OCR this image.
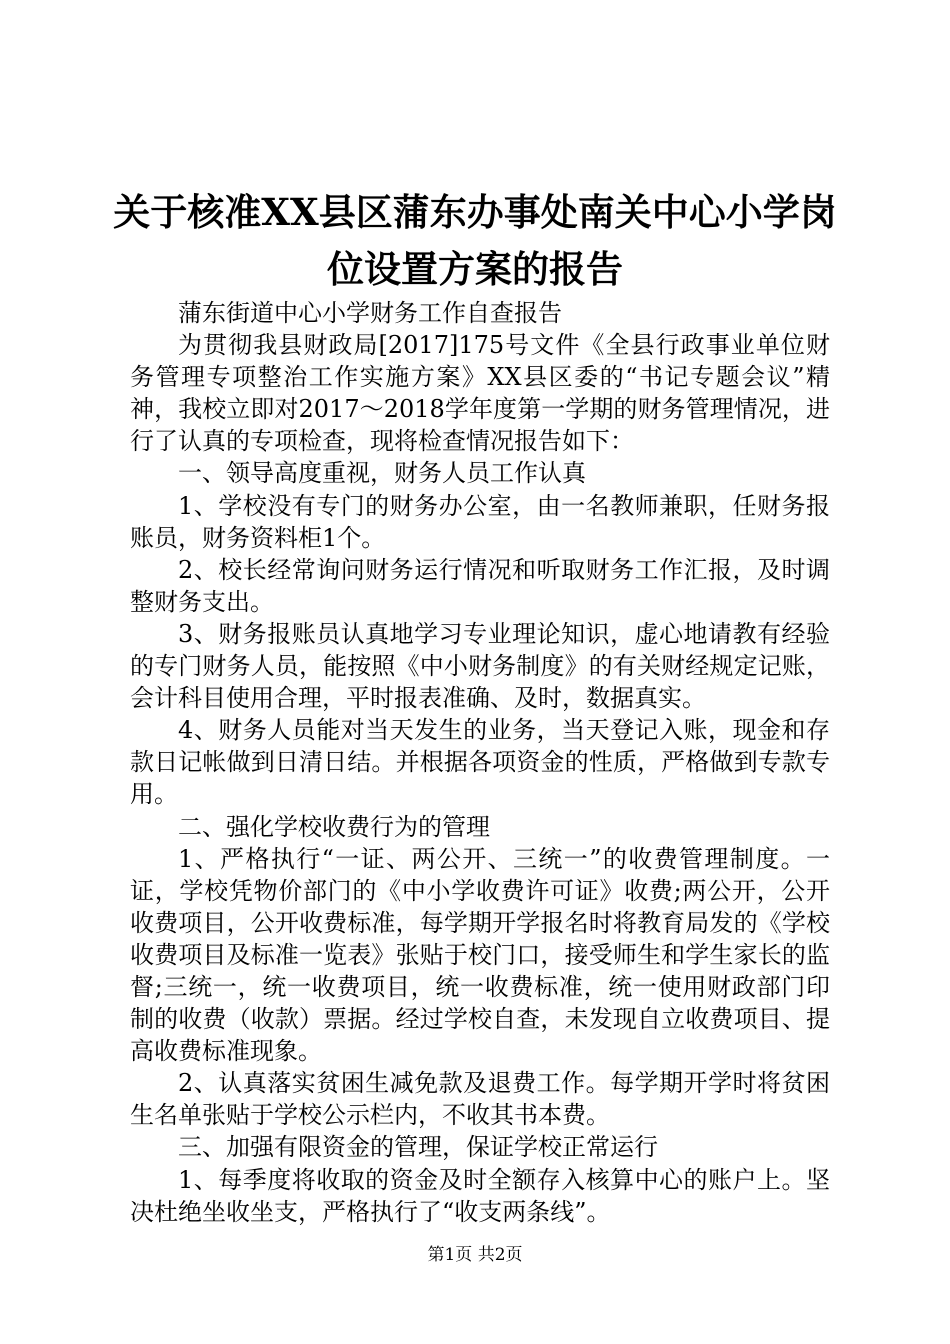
关于核准XX县区蒲东办事处南关中心小学岗
位设置方案的报告

蒲东街道中心小学财务工作自查报告

为贯彻我县财政局[2017]175号文件《全县行政事业单位财务管理专项整治工作实施方案》XX县区委的“书记专题会议”精神，我校立即对2017～2018学年度第一学期的财务管理情况，进行了认真的专项检查，现将检查情况报告如下：

一、领导高度重视，财务人员工作认真

1、学校没有专门的财务办公室，由一名教师兼职，任财务报账员，财务资料柜1个。

2、校长经常询问财务运行情况和听取财务工作汇报，及时调整财务支出。

3、财务报账员认真地学习专业理论知识，虚心地请教有经验的专门财务人员，能按照《中小财务制度》的有关财经规定记账，会计科目使用合理，平时报表准确、及时，数据真实。

4、财务人员能对当天发生的业务，当天登记入账，现金和存款日记帐做到日清日结。并根据各项资金的性质，严格做到专款专用。

二、强化学校收费行为的管理

1、严格执行“一证、两公开、三统一”的收费管理制度。一证，学校凭物价部门的《中小学收费许可证》收费;两公开，公开收费项目，公开收费标准，每学期开学报名时将教育局发的《学校收费项目及标准一览表》张贴于校门口，接受师生和学生家长的监督;三统一，统一收费项目，统一收费标准，统一使用财政部门印制的收费（收款）票据。经过学校自查，未发现自立收费项目、提高收费标准现象。

2、认真落实贫困生减免款及退费工作。每学期开学时将贫困生名单张贴于学校公示栏内，不收其书本费。

三、加强有限资金的管理，保证学校正常运行

1、每季度将收取的资金及时全额存入核算中心的账户上。坚决杜绝坐收坐支，严格执行了“收支两条线”。

第1页 共2页
